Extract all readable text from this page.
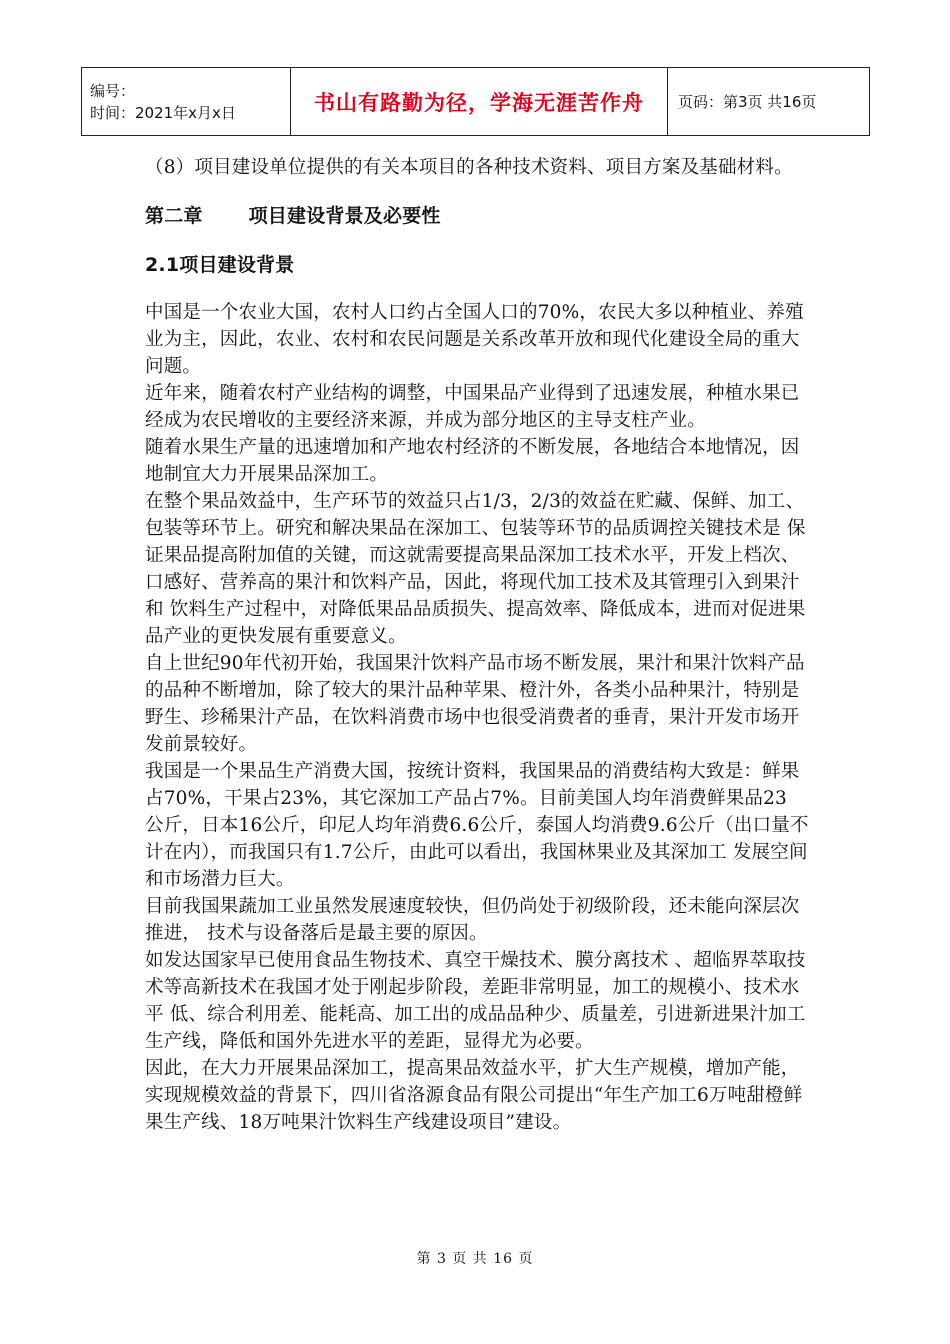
编号：
时间：2021年x月x日	书山有路勤为径，学海无涯苦作舟	页码：第3页 共16页

（8）项目建设单位提供的有关本项目的各种技术资料、项目方案及基础材料。

第二章 项目建设背景及必要性
2.1项目建设背景

中国是一个农业大国，农村人口约占全国人口的70%，农民大多以种植业、养殖业为主，因此，农业、农村和农民问题是关系改革开放和现代化建设全局的重大问题。

近年来，随着农村产业结构的调整，中国果品产业得到了迅速发展，种植水果已经成为农民增收的主要经济来源，并成为部分地区的主导支柱产业。

随着水果生产量的迅速增加和产地农村经济的不断发展，各地结合本地情况，因地制宜大力开展果品深加工。

在整个果品效益中，生产环节的效益只占1/3，2/3的效益在贮藏、保鲜、加工、包装等环节上。研究和解决果品在深加工、包装等环节的品质调控关键技术是 保证果品提高附加值的关键，而这就需要提高果品深加工技术水平，开发上档次、口感好、营养高的果汁和饮料产品，因此，将现代加工技术及其管理引入到果汁和 饮料生产过程中，对降低果品品质损失、提高效率、降低成本，进而对促进果品产业的更快发展有重要意义。

自上世纪90年代初开始，我国果汁饮料产品市场不断发展，果汁和果汁饮料产品的品种不断增加，除了较大的果汁品种苹果、橙汁外，各类小品种果汁，特别是野生、珍稀果汁产品，在饮料消费市场中也很受消费者的垂青，果汁开发市场开发前景较好。

我国是一个果品生产消费大国，按统计资料，我国果品的消费结构大致是：鲜果占70%，干果占23%，其它深加工产品占7%。目前美国人均年消费鲜果品23 公斤，日本16公斤，印尼人均年消费6.6公斤，泰国人均消费9.6公斤（出口量不计在内），而我国只有1.7公斤，由此可以看出，我国林果业及其深加工 发展空间和市场潜力巨大。

目前我国果蔬加工业虽然发展速度较快，但仍尚处于初级阶段，还未能向深层次推进， 技术与设备落后是最主要的原因。

如发达国家早已使用食品生物技术、真空干燥技术、膜分离技术 、超临界萃取技术等高新技术在我国才处于刚起步阶段，差距非常明显，加工的规模小、技术水平 低、综合利用差、能耗高、加工出的成品品种少、质量差，引进新进果汁加工生产线，降低和国外先进水平的差距，显得尤为必要。

因此，在大力开展果品深加工，提高果品效益水平，扩大生产规模，增加产能，实现规模效益的背景下，四川省洛源食品有限公司提出“年生产加工6万吨甜橙鲜果生产线、18万吨果汁饮料生产线建设项目”建设。

第 3 页 共 16 页
